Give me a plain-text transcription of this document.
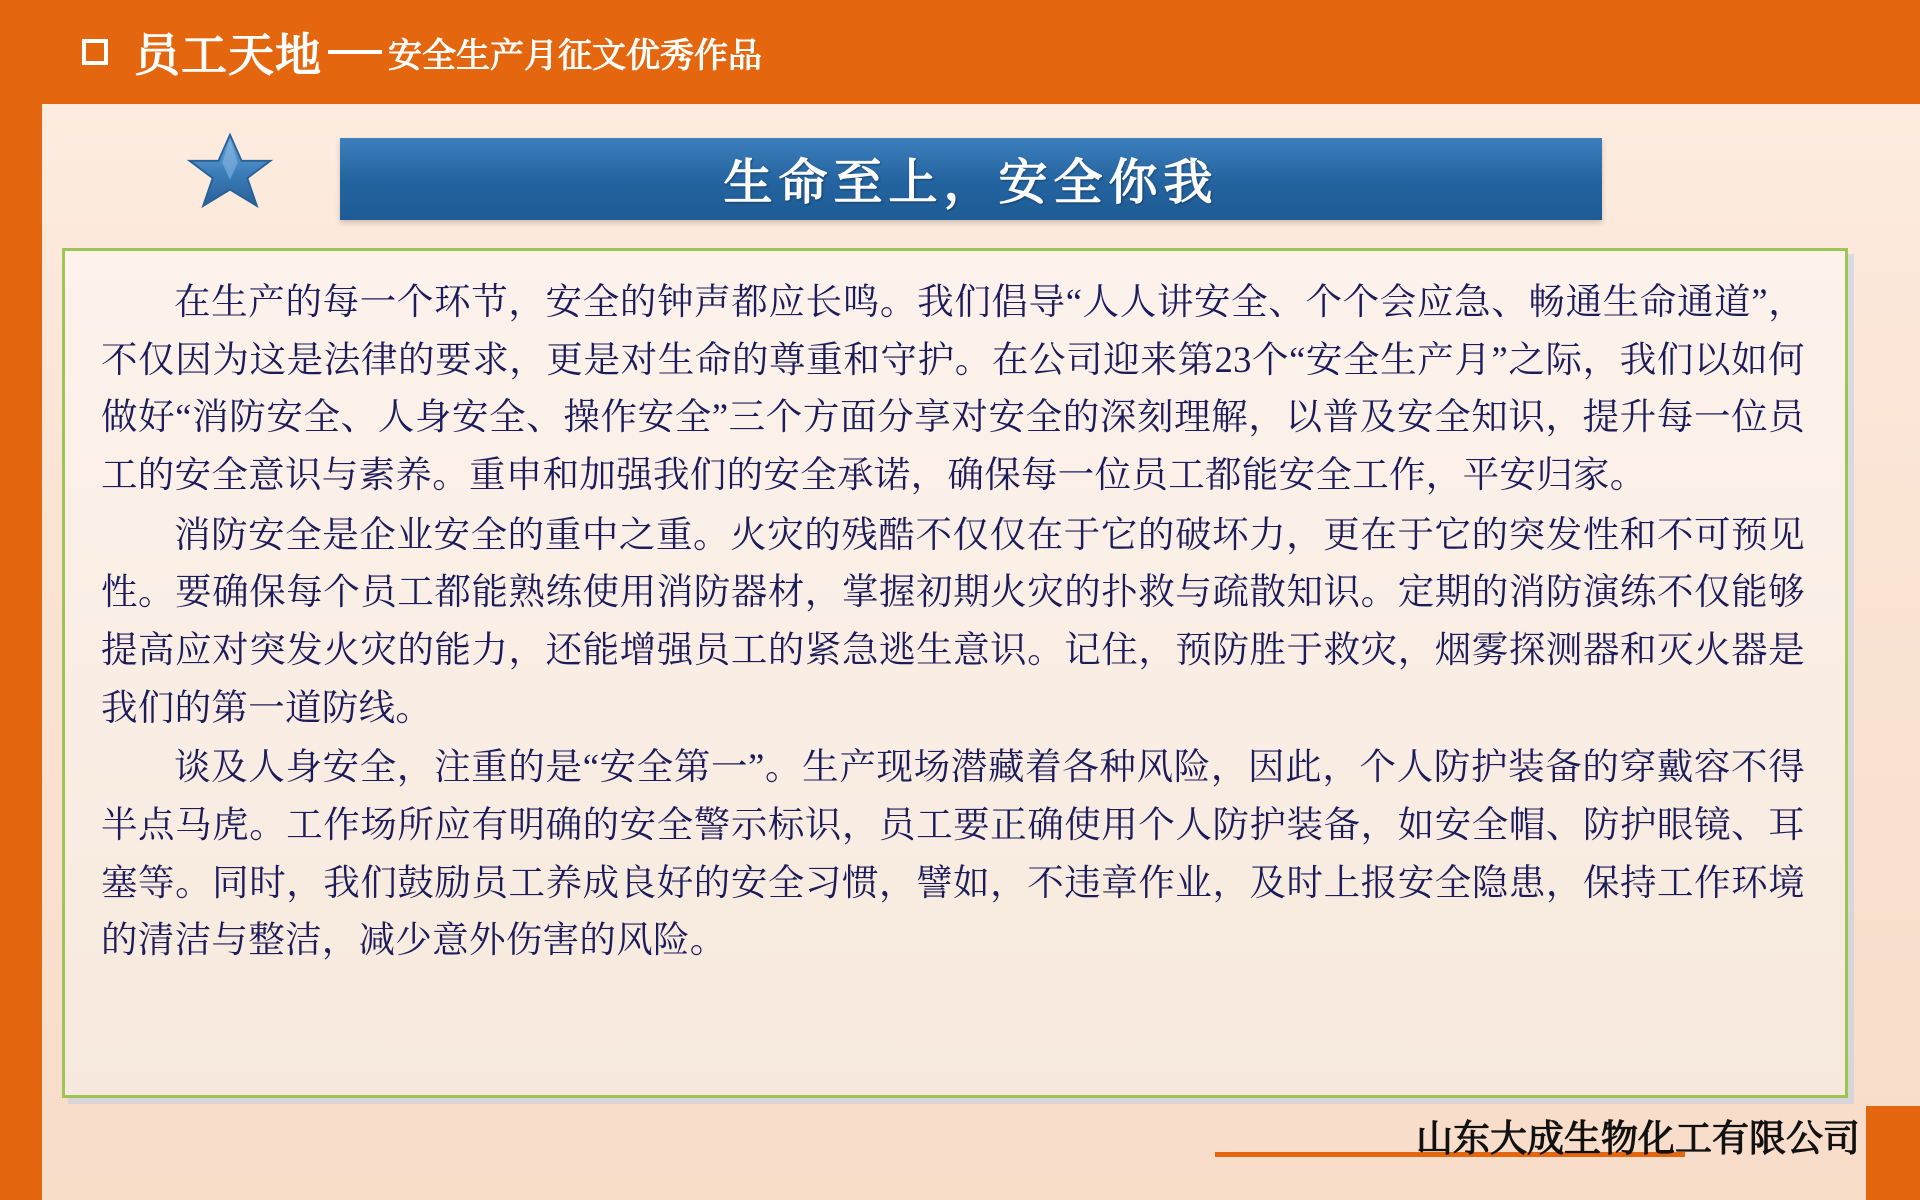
员工天地 安全生产月征文优秀作品
生命至上，安全你我

在生产的每一个环节，安全的钟声都应长鸣。我们倡导“人人讲安全、个个会应急、畅通生命通道”，不仅因为这是法律的要求，更是对生命的尊重和守护。在公司迎来第23个“安全生产月”之际，我们以如何做好“消防安全、人身安全、操作安全”三个方面分享对安全的深刻理解，以普及安全知识，提升每一位员工的安全意识与素养。重申和加强我们的安全承诺，确保每一位员工都能安全工作，平安归家。

消防安全是企业安全的重中之重。火灾的残酷不仅仅在于它的破坏力，更在于它的突发性和不可预见性。要确保每个员工都能熟练使用消防器材，掌握初期火灾的扑救与疏散知识。定期的消防演练不仅能够提高应对突发火灾的能力，还能增强员工的紧急逃生意识。记住，预防胜于救灾，烟雾探测器和灭火器是我们的第一道防线。

谈及人身安全，注重的是“安全第一”。生产现场潜藏着各种风险，因此，个人防护装备的穿戴容不得半点马虎。工作场所应有明确的安全警示标识，员工要正确使用个人防护装备，如安全帽、防护眼镜、耳塞等。同时，我们鼓励员工养成良好的安全习惯，譬如，不违章作业，及时上报安全隐患，保持工作环境的清洁与整洁，减少意外伤害的风险。

山东大成生物化工有限公司
